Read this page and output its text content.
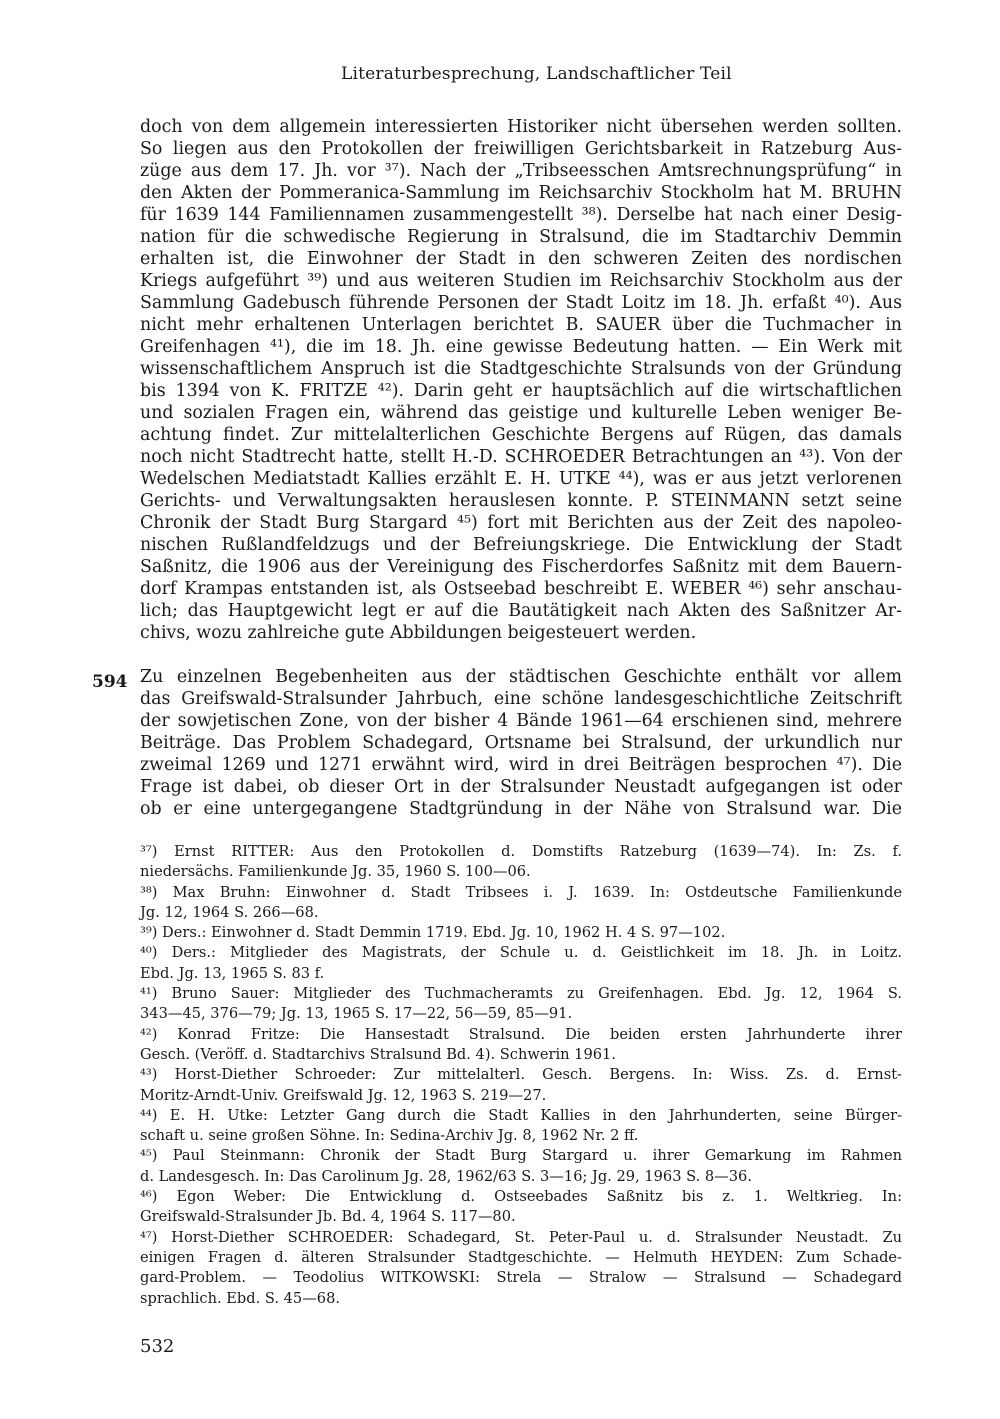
Literaturbesprechung, Landschaftlicher Teil
doch von dem allgemein interessierten Historiker nicht übersehen werden sollten.
So liegen aus den Protokollen der freiwilligen Gerichtsbarkeit in Ratzeburg Aus-
züge aus dem 17. Jh. vor ³⁷). Nach der „Tribseesschen Amtsrechnungsprüfung“ in
den Akten der Pommeranica-Sammlung im Reichsarchiv Stockholm hat M. BRUHN
für 1639 144 Familiennamen zusammengestellt ³⁸). Derselbe hat nach einer Desig-
nation für die schwedische Regierung in Stralsund, die im Stadtarchiv Demmin
erhalten ist, die Einwohner der Stadt in den schweren Zeiten des nordischen
Kriegs aufgeführt ³⁹) und aus weiteren Studien im Reichsarchiv Stockholm aus der
Sammlung Gadebusch führende Personen der Stadt Loitz im 18. Jh. erfaßt ⁴⁰). Aus
nicht mehr erhaltenen Unterlagen berichtet B. SAUER über die Tuchmacher in
Greifenhagen ⁴¹), die im 18. Jh. eine gewisse Bedeutung hatten. — Ein Werk mit
wissenschaftlichem Anspruch ist die Stadtgeschichte Stralsunds von der Gründung
bis 1394 von K. FRITZE ⁴²). Darin geht er hauptsächlich auf die wirtschaftlichen
und sozialen Fragen ein, während das geistige und kulturelle Leben weniger Be-
achtung findet. Zur mittelalterlichen Geschichte Bergens auf Rügen, das damals
noch nicht Stadtrecht hatte, stellt H.-D. SCHROEDER Betrachtungen an ⁴³). Von der
Wedelschen Mediatstadt Kallies erzählt E. H. UTKE ⁴⁴), was er aus jetzt verlorenen
Gerichts- und Verwaltungsakten herauslesen konnte. P. STEINMANN setzt seine
Chronik der Stadt Burg Stargard ⁴⁵) fort mit Berichten aus der Zeit des napoleo-
nischen Rußlandfeldzugs und der Befreiungskriege. Die Entwicklung der Stadt
Saßnitz, die 1906 aus der Vereinigung des Fischerdorfes Saßnitz mit dem Bauern-
dorf Krampas entstanden ist, als Ostseebad beschreibt E. WEBER ⁴⁶) sehr anschau-
lich; das Hauptgewicht legt er auf die Bautätigkeit nach Akten des Saßnitzer Ar-
chivs, wozu zahlreiche gute Abbildungen beigesteuert werden.
594 Zu einzelnen Begebenheiten aus der städtischen Geschichte enthält vor allem
das Greifswald-Stralsunder Jahrbuch, eine schöne landesgeschichtliche Zeitschrift
der sowjetischen Zone, von der bisher 4 Bände 1961—64 erschienen sind, mehrere
Beiträge. Das Problem Schadegard, Ortsname bei Stralsund, der urkundlich nur
zweimal 1269 und 1271 erwähnt wird, wird in drei Beiträgen besprochen ⁴⁷). Die
Frage ist dabei, ob dieser Ort in der Stralsunder Neustadt aufgegangen ist oder
ob er eine untergegangene Stadtgründung in der Nähe von Stralsund war. Die
³⁷) Ernst RITTER: Aus den Protokollen d. Domstifts Ratzeburg (1639—74). In: Zs. f.
niedersächs. Familienkunde Jg. 35, 1960 S. 100—06.
³⁸) Max Bruhn: Einwohner d. Stadt Tribsees i. J. 1639. In: Ostdeutsche Familienkunde
Jg. 12, 1964 S. 266—68.
³⁹) Ders.: Einwohner d. Stadt Demmin 1719. Ebd. Jg. 10, 1962 H. 4 S. 97—102.
⁴⁰) Ders.: Mitglieder des Magistrats, der Schule u. d. Geistlichkeit im 18. Jh. in Loitz.
Ebd. Jg. 13, 1965 S. 83 f.
⁴¹) Bruno Sauer: Mitglieder des Tuchmacheramts zu Greifenhagen. Ebd. Jg. 12, 1964 S.
343—45, 376—79; Jg. 13, 1965 S. 17—22, 56—59, 85—91.
⁴²) Konrad Fritze: Die Hansestadt Stralsund. Die beiden ersten Jahrhunderte ihrer
Gesch. (Veröff. d. Stadtarchivs Stralsund Bd. 4). Schwerin 1961.
⁴³) Horst-Diether Schroeder: Zur mittelalterl. Gesch. Bergens. In: Wiss. Zs. d. Ernst-
Moritz-Arndt-Univ. Greifswald Jg. 12, 1963 S. 219—27.
⁴⁴) E. H. Utke: Letzter Gang durch die Stadt Kallies in den Jahrhunderten, seine Bürger-
schaft u. seine großen Söhne. In: Sedina-Archiv Jg. 8, 1962 Nr. 2 ff.
⁴⁵) Paul Steinmann: Chronik der Stadt Burg Stargard u. ihrer Gemarkung im Rahmen
d. Landesgesch. In: Das Carolinum Jg. 28, 1962/63 S. 3—16; Jg. 29, 1963 S. 8—36.
⁴⁶) Egon Weber: Die Entwicklung d. Ostseebades Saßnitz bis z. 1. Weltkrieg. In:
Greifswald-Stralsunder Jb. Bd. 4, 1964 S. 117—80.
⁴⁷) Horst-Diether SCHROEDER: Schadegard, St. Peter-Paul u. d. Stralsunder Neustadt. Zu
einigen Fragen d. älteren Stralsunder Stadtgeschichte. — Helmuth HEYDEN: Zum Schade-
gard-Problem. — Teodolius WITKOWSKI: Strela — Stralow — Stralsund — Schadegard
sprachlich. Ebd. S. 45—68.
532
